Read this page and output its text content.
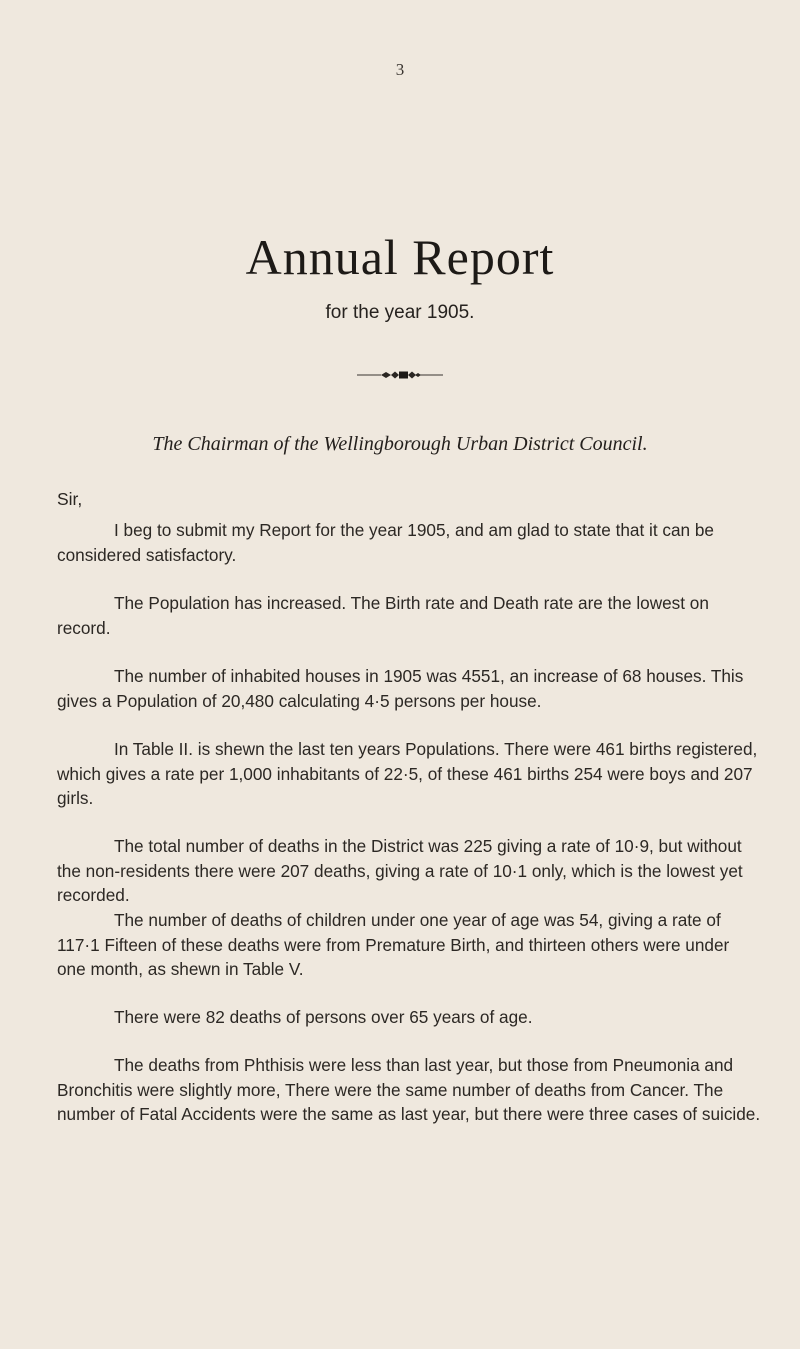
3
Annual Report
for the year 1905.
The Chairman of the Wellingborough Urban District Council.
Sir,

I beg to submit my Report for the year 1905, and am glad to state that it can be considered satisfactory.

The Population has increased. The Birth rate and Death rate are the lowest on record.

The number of inhabited houses in 1905 was 4551, an increase of 68 houses. This gives a Population of 20,480 calculating 4·5 persons per house.

In Table II. is shewn the last ten years Populations. There were 461 births registered, which gives a rate per 1,000 inhabitants of 22·5, of these 461 births 254 were boys and 207 girls.

The total number of deaths in the District was 225 giving a rate of 10·9, but without the non-residents there were 207 deaths, giving a rate of 10·1 only, which is the lowest yet recorded.

The number of deaths of children under one year of age was 54, giving a rate of 117·1 Fifteen of these deaths were from Premature Birth, and thirteen others were under one month, as shewn in Table V.

There were 82 deaths of persons over 65 years of age.

The deaths from Phthisis were less than last year, but those from Pneumonia and Bronchitis were slightly more, There were the same number of deaths from Cancer. The number of Fatal Accidents were the same as last year, but there were three cases of suicide.
